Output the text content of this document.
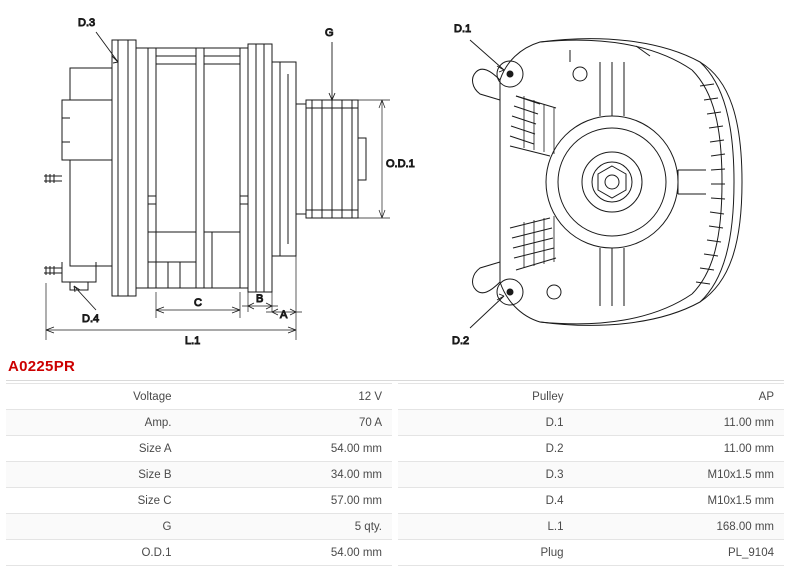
D.3
G
O.D.1
D.4
C	B
A
L.1
D.1
D.2
A0225PR
Voltage	12 V
Amp.	70 A
Size A	54.00 mm
Size B	34.00 mm
Size C	57.00 mm
G	5 qty.
O.D.1	54.00 mm
Pulley	AP
D.1	11.00 mm
D.2	11.00 mm
D.3	M10x1.5 mm
D.4	M10x1.5 mm
L.1	168.00 mm
Plug	PL_9104
